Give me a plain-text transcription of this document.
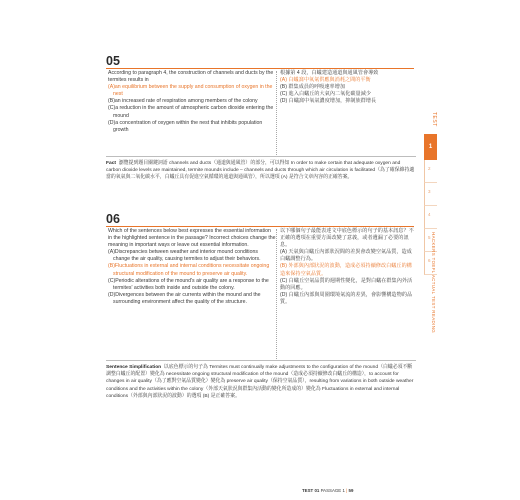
05

According to paragraph 4, the construction of channels and ducts by the termites results in

(A)an equilibrium between the supply and consumption of oxygen in the nest

(B)an increased rate of respiration among members of the colony

(C)a reduction in the amount of atmospheric carbon dioxide entering the mound

(D)a concentration of oxygen within the nest that inhibits population growth

根據第 4 段，白蟻建造通道與通風管會導致

(A) 白蟻窩中氧氣供應與消耗之間的平衡

(B) 群集成員的呼吸速率增加

(C) 進入白蟻丘的大氣內二氧化碳量減少

(D) 白蟻窩中氧氣濃度增加，抑制族群增長

Fact 瀏覽提到題目關鍵詞語 channels and ducts（通道與通風管）的部分，可以得知 In order to make certain that adequate oxygen and carbon dioxide levels are maintained, termite mounds include – channels and ducts through which air circulation is facilitated（為了確保維持適當的氧氣與二氧化碳水平，白蟻丘具有促進空氣循環的通道與通風管），所以選項 (A) 是符合文章內容的正確答案。
06

Which of the sentences below best expresses the essential information in the highlighted sentence in the passage? Incorrect choices change the meaning in important ways or leave out essential information.

(A)Discrepancies between weather and interior mound conditions change the air quality, causing termites to adjust their behaviors.

(B)Fluctuations in external and internal conditions necessitate ongoing structural modification of the mound to preserve air quality.

(C)Periodic alterations of the mound's air quality are a response to the termites' activities both inside and outside the colony.

(D)Divergences between the air currents within the mound and the surrounding environment affect the quality of the structure.

以下哪個句子最能表達文中底色標示的句子的基本訊息？不正確的選項在重要方面改變了意義，或者遺漏了必要的訊息。

(A) 天氣與白蟻丘內部狀況間的差異會改變空氣品質，造成白蟻調整行為。

(B) 外部與內部狀況的波動，造成必須持續修改白蟻丘的構造來保持空氣品質。

(C) 白蟻丘空氣品質的週期性變化，是對白蟻在群集內外活動的回應。

(D) 白蟻丘內部與周圍環境氣流的差異，會影響構造物的品質。

Sentence Simplification 以底色標示的句子為 Termites must continually make adjustments to the configuration of the mound（白蟻必須不斷調整白蟻丘的配置）變化為 necessitate ongoing structural modification of the mound（造成必須持續修改白蟻丘的構造），to account for changes in air quality（為了應對空氣品質變化）變化為 preserve air quality（保持空氣品質），resulting from variations in both outside weather conditions and the activities within the colony（外部天氣狀況與群集內活動的變化所造成的）變化為 Fluctuations in external and internal conditions（外部與內部狀況的波動）的選項 (B) 是正確答案。
TEST
1
2
3
4
5
6 HACKERS TOEFL ACTUAL TEST READING
TEST 01 PASSAGE 1 | 59
